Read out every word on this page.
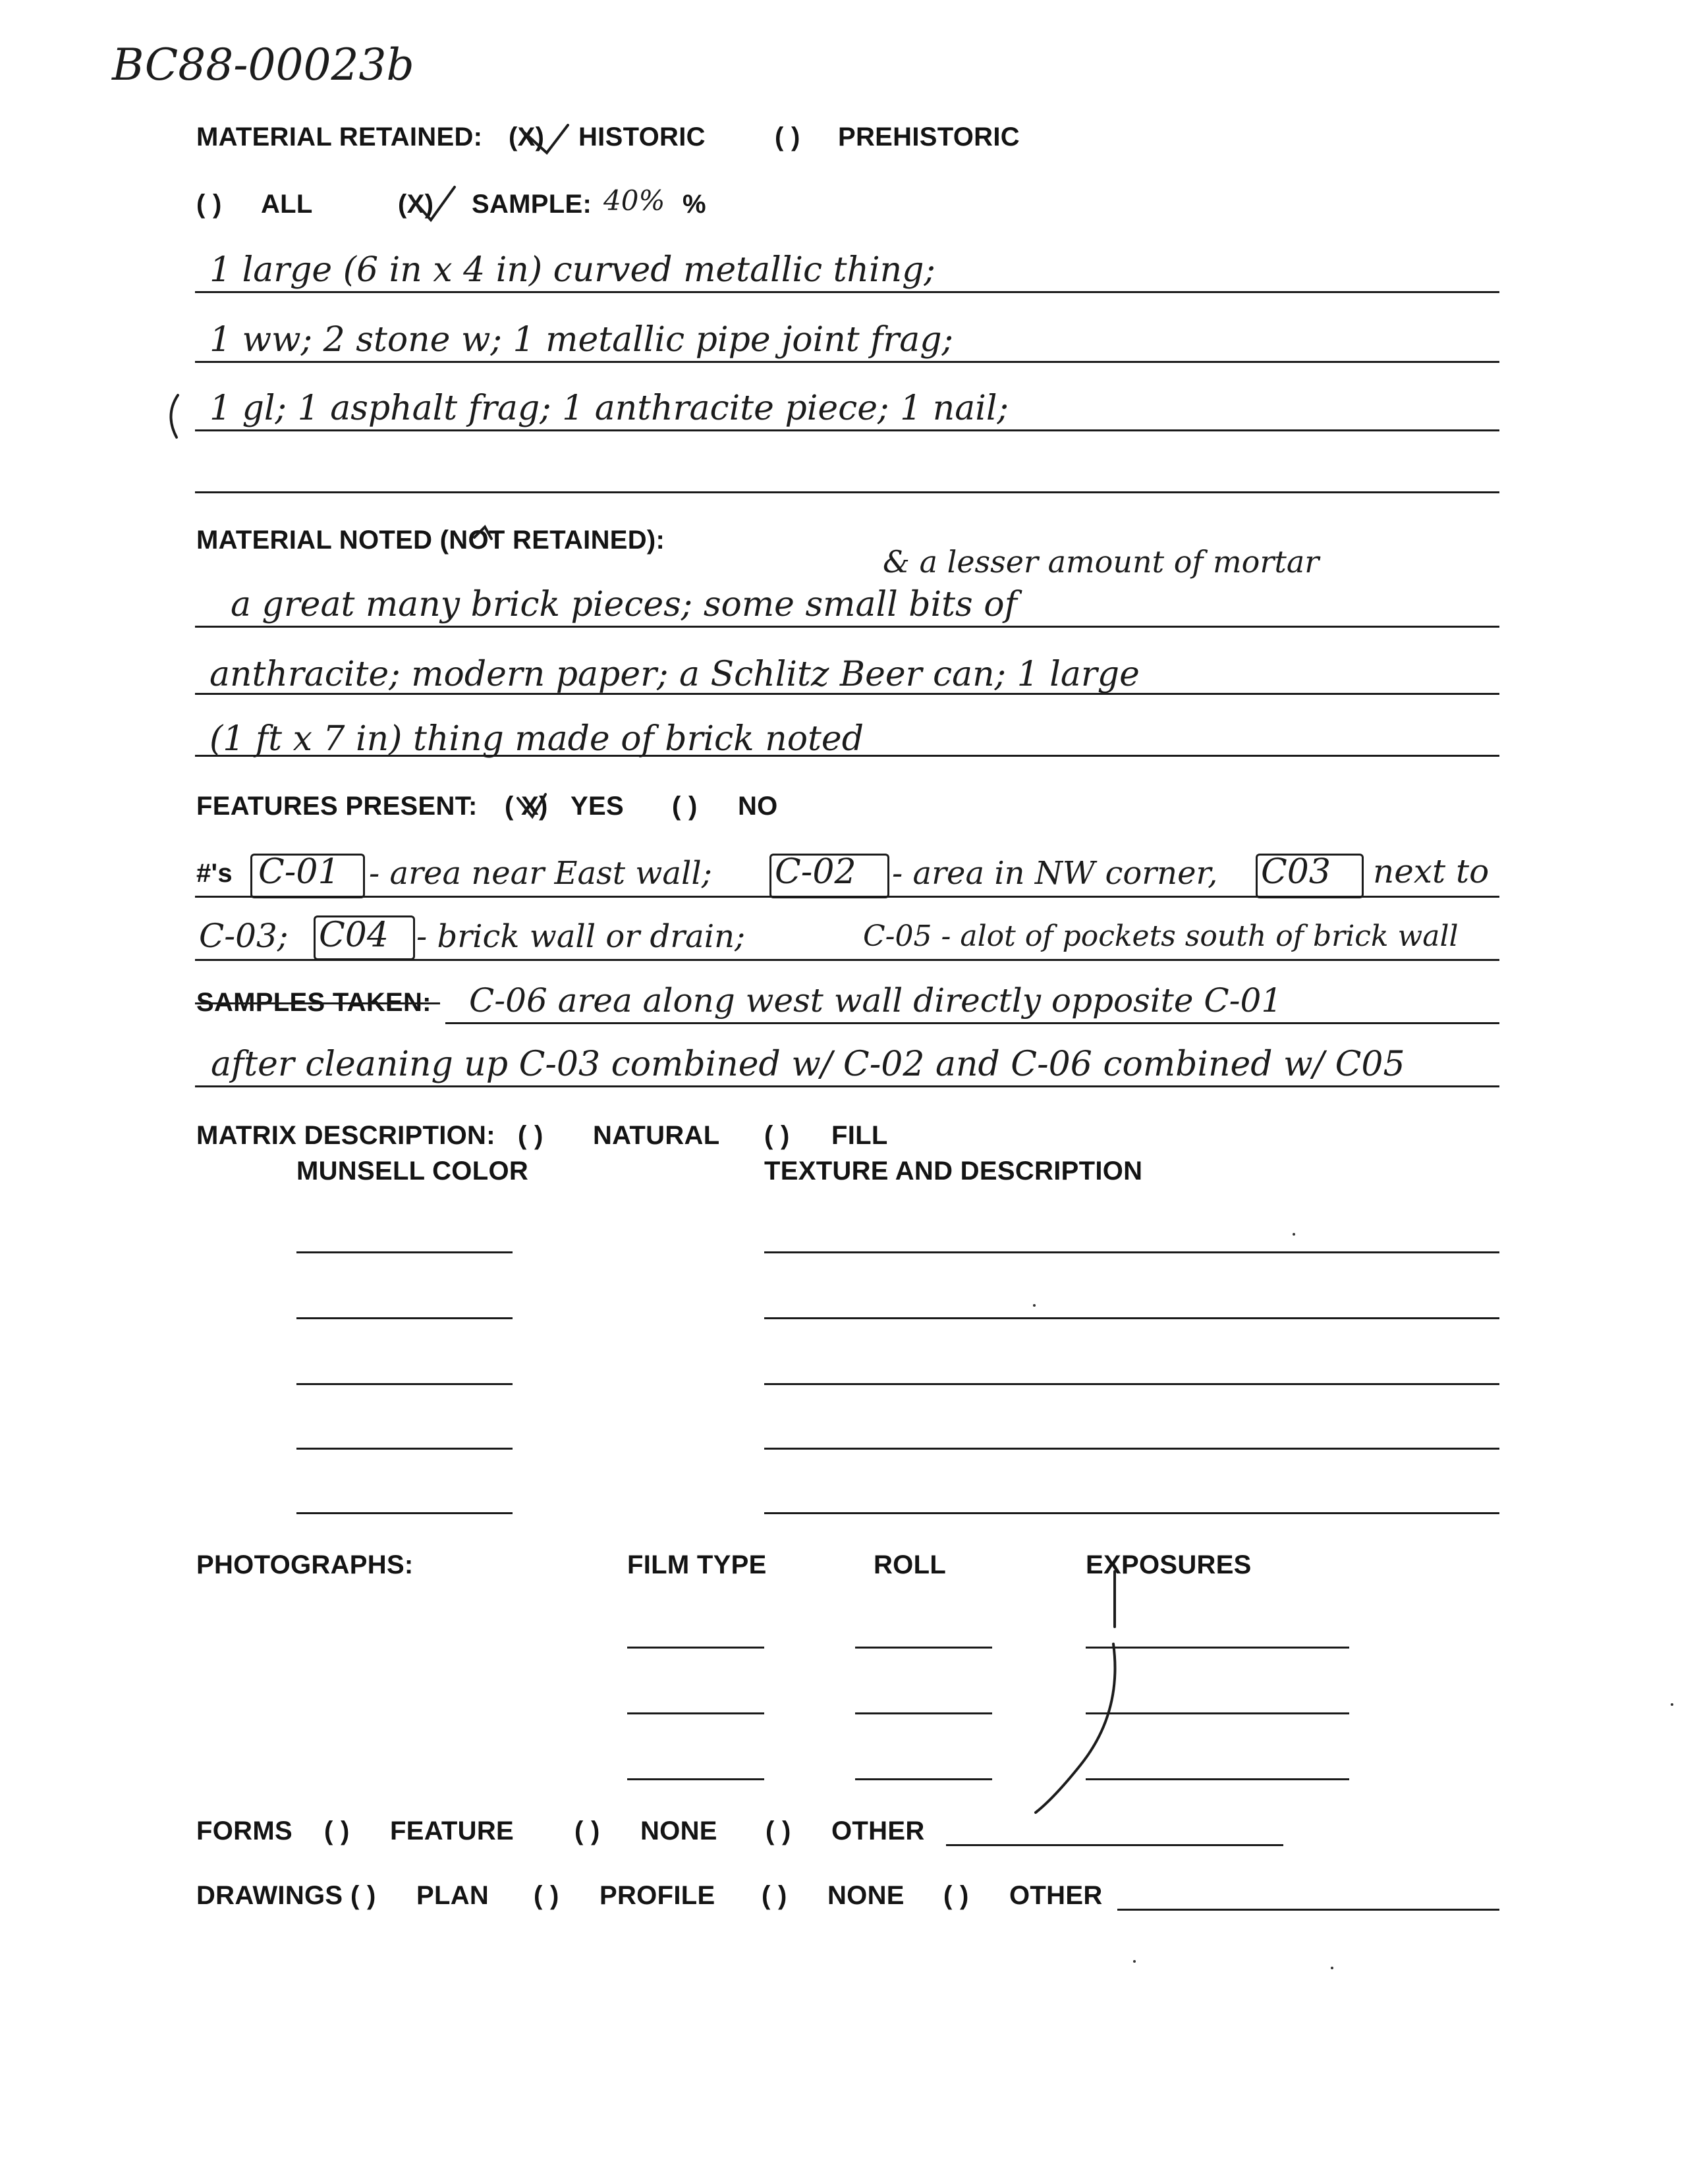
BC88-00023b
MATERIAL RETAINED: (X) HISTORIC	( ) PREHISTORIC
( ) ALL	(X) SAMPLE: 40% %
1 large (6 in x 4 in) curved metallic thing;
1 ww; 2 stone w; 1 metallic pipe joint frag;
1 gl; 1 asphalt frag; 1 anthracite piece; 1 nail;
MATERIAL NOTED (NOT RETAINED):
& a lesser amount of mortar
a great many brick pieces; some small bits of
anthracite; modern paper; a Schlitz Beer can; 1 large
(1 ft x 7 in) thing made of brick noted
FEATURES PRESENT: ( X) YES ( ) NO
#'s C-01 - area near East wall; C-02 - area in NW corner, C03 next to
C-03; C04 - brick wall or drain;	C-05 - alot of pockets south of brick wall
SAMPLES TAKEN: C-06 area along west wall directly opposite C-01
after cleaning up C-03 combined w/ C-02 and C-06 combined w/ C05
MATRIX DESCRIPTION: ( ) NATURAL ( ) FILL
MUNSELL COLOR	TEXTURE AND DESCRIPTION
PHOTOGRAPHS:	FILM TYPE	ROLL	EXPOSURES
FORMS ( ) FEATURE ( ) NONE ( ) OTHER
DRAWINGS ( ) PLAN ( ) PROFILE ( ) NONE ( ) OTHER
